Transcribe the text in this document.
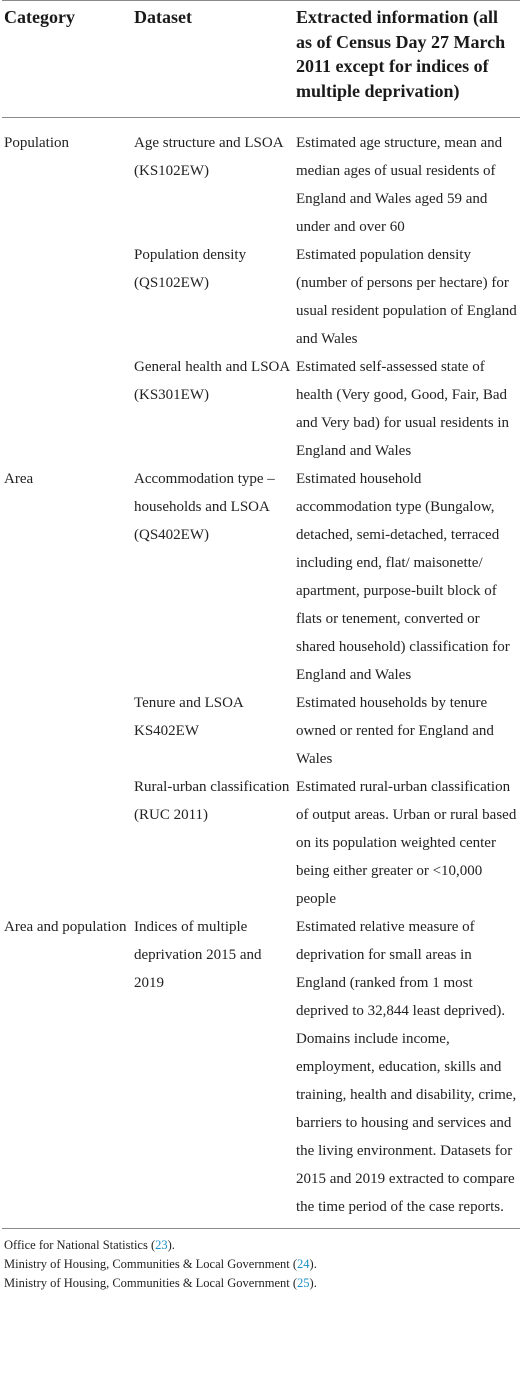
Category	Dataset	Extracted information (all as of Census Day 27 March 2011 except for indices of multiple deprivation)
Population	Age structure and LSOA (KS102EW)	Estimated age structure, mean and median ages of usual residents of England and Wales aged 59 and under and over 60
	Population density (QS102EW)	Estimated population density (number of persons per hectare) for usual resident population of England and Wales
	General health and LSOA (KS301EW)	Estimated self-assessed state of health (Very good, Good, Fair, Bad and Very bad) for usual residents in England and Wales
Area	Accommodation type – households and LSOA (QS402EW)	Estimated household accommodation type (Bungalow, detached, semi-detached, terraced including end, flat/ maisonette/ apartment, purpose-built block of flats or tenement, converted or shared household) classification for England and Wales
	Tenure and LSOA KS402EW	Estimated households by tenure owned or rented for England and Wales
	Rural-urban classification (RUC 2011)	Estimated rural-urban classification of output areas. Urban or rural based on its population weighted center being either greater or <10,000 people
Area and population	Indices of multiple deprivation 2015 and 2019	Estimated relative measure of deprivation for small areas in England (ranked from 1 most deprived to 32,844 least deprived). Domains include income, employment, education, skills and training, health and disability, crime, barriers to housing and services and the living environment. Datasets for 2015 and 2019 extracted to compare the time period of the case reports.
Office for National Statistics (23).
Ministry of Housing, Communities & Local Government (24).
Ministry of Housing, Communities & Local Government (25).
